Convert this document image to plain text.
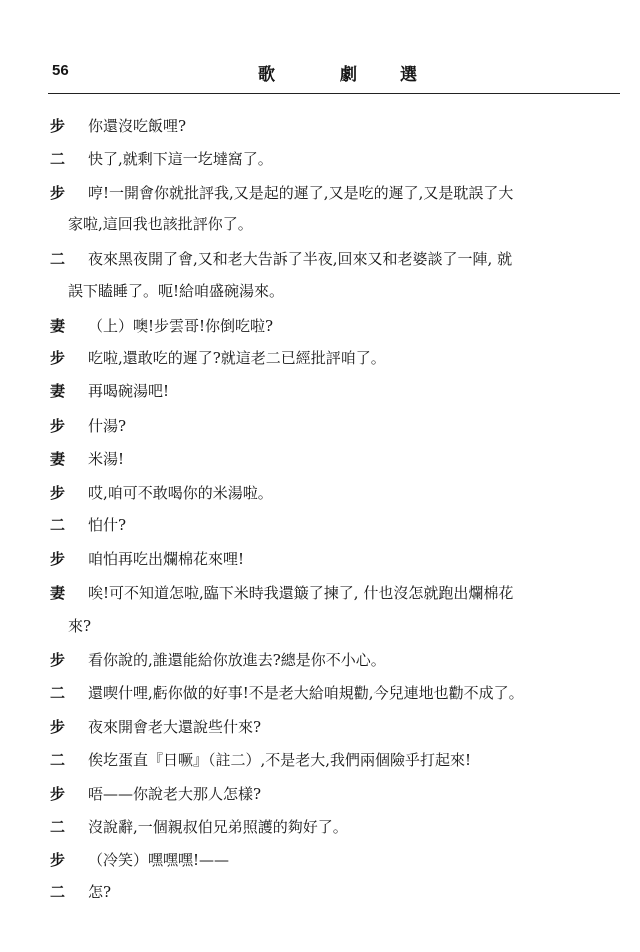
56	歌	劇	選
步	你還沒吃飯哩?
二	快了,就剩下這一圪墶窩了。
步	哼!一開會你就批評我,又是起的遲了,又是吃的遲了,又是耽誤了大
家啦,這回我也該批評你了。
二	夜來黑夜開了會,又和老大告訴了半夜,回來又和老婆談了一陣, 就
誤下瞌睡了。呃!給咱盛碗湯來。
妻	（上）噢!步雲哥!你倒吃啦?
步	吃啦,還敢吃的遲了?就這老二已經批評咱了。
妻	再喝碗湯吧!
步	什湯?
妻	米湯!
步	哎,咱可不敢喝你的米湯啦。
二	怕什?
步	咱怕再吃出爛棉花來哩!
妻	唉!可不知道怎啦,臨下米時我還簸了揀了, 什也沒怎就跑出爛棉花
來?
步	看你說的,誰還能給你放進去?總是你不小心。
二	還喫什哩,虧你做的好事!不是老大給咱規勸,今兒連地也勸不成了。
步	夜來開會老大還說些什來?
二	俟圪蛋直『日噘』（註二）,不是老大,我們兩個險乎打起來!
步	唔——你說老大那人怎樣?
二	沒說辭,一個親叔伯兄弟照護的夠好了。
步	（冷笑）嘿嘿嘿!——
二	怎?
